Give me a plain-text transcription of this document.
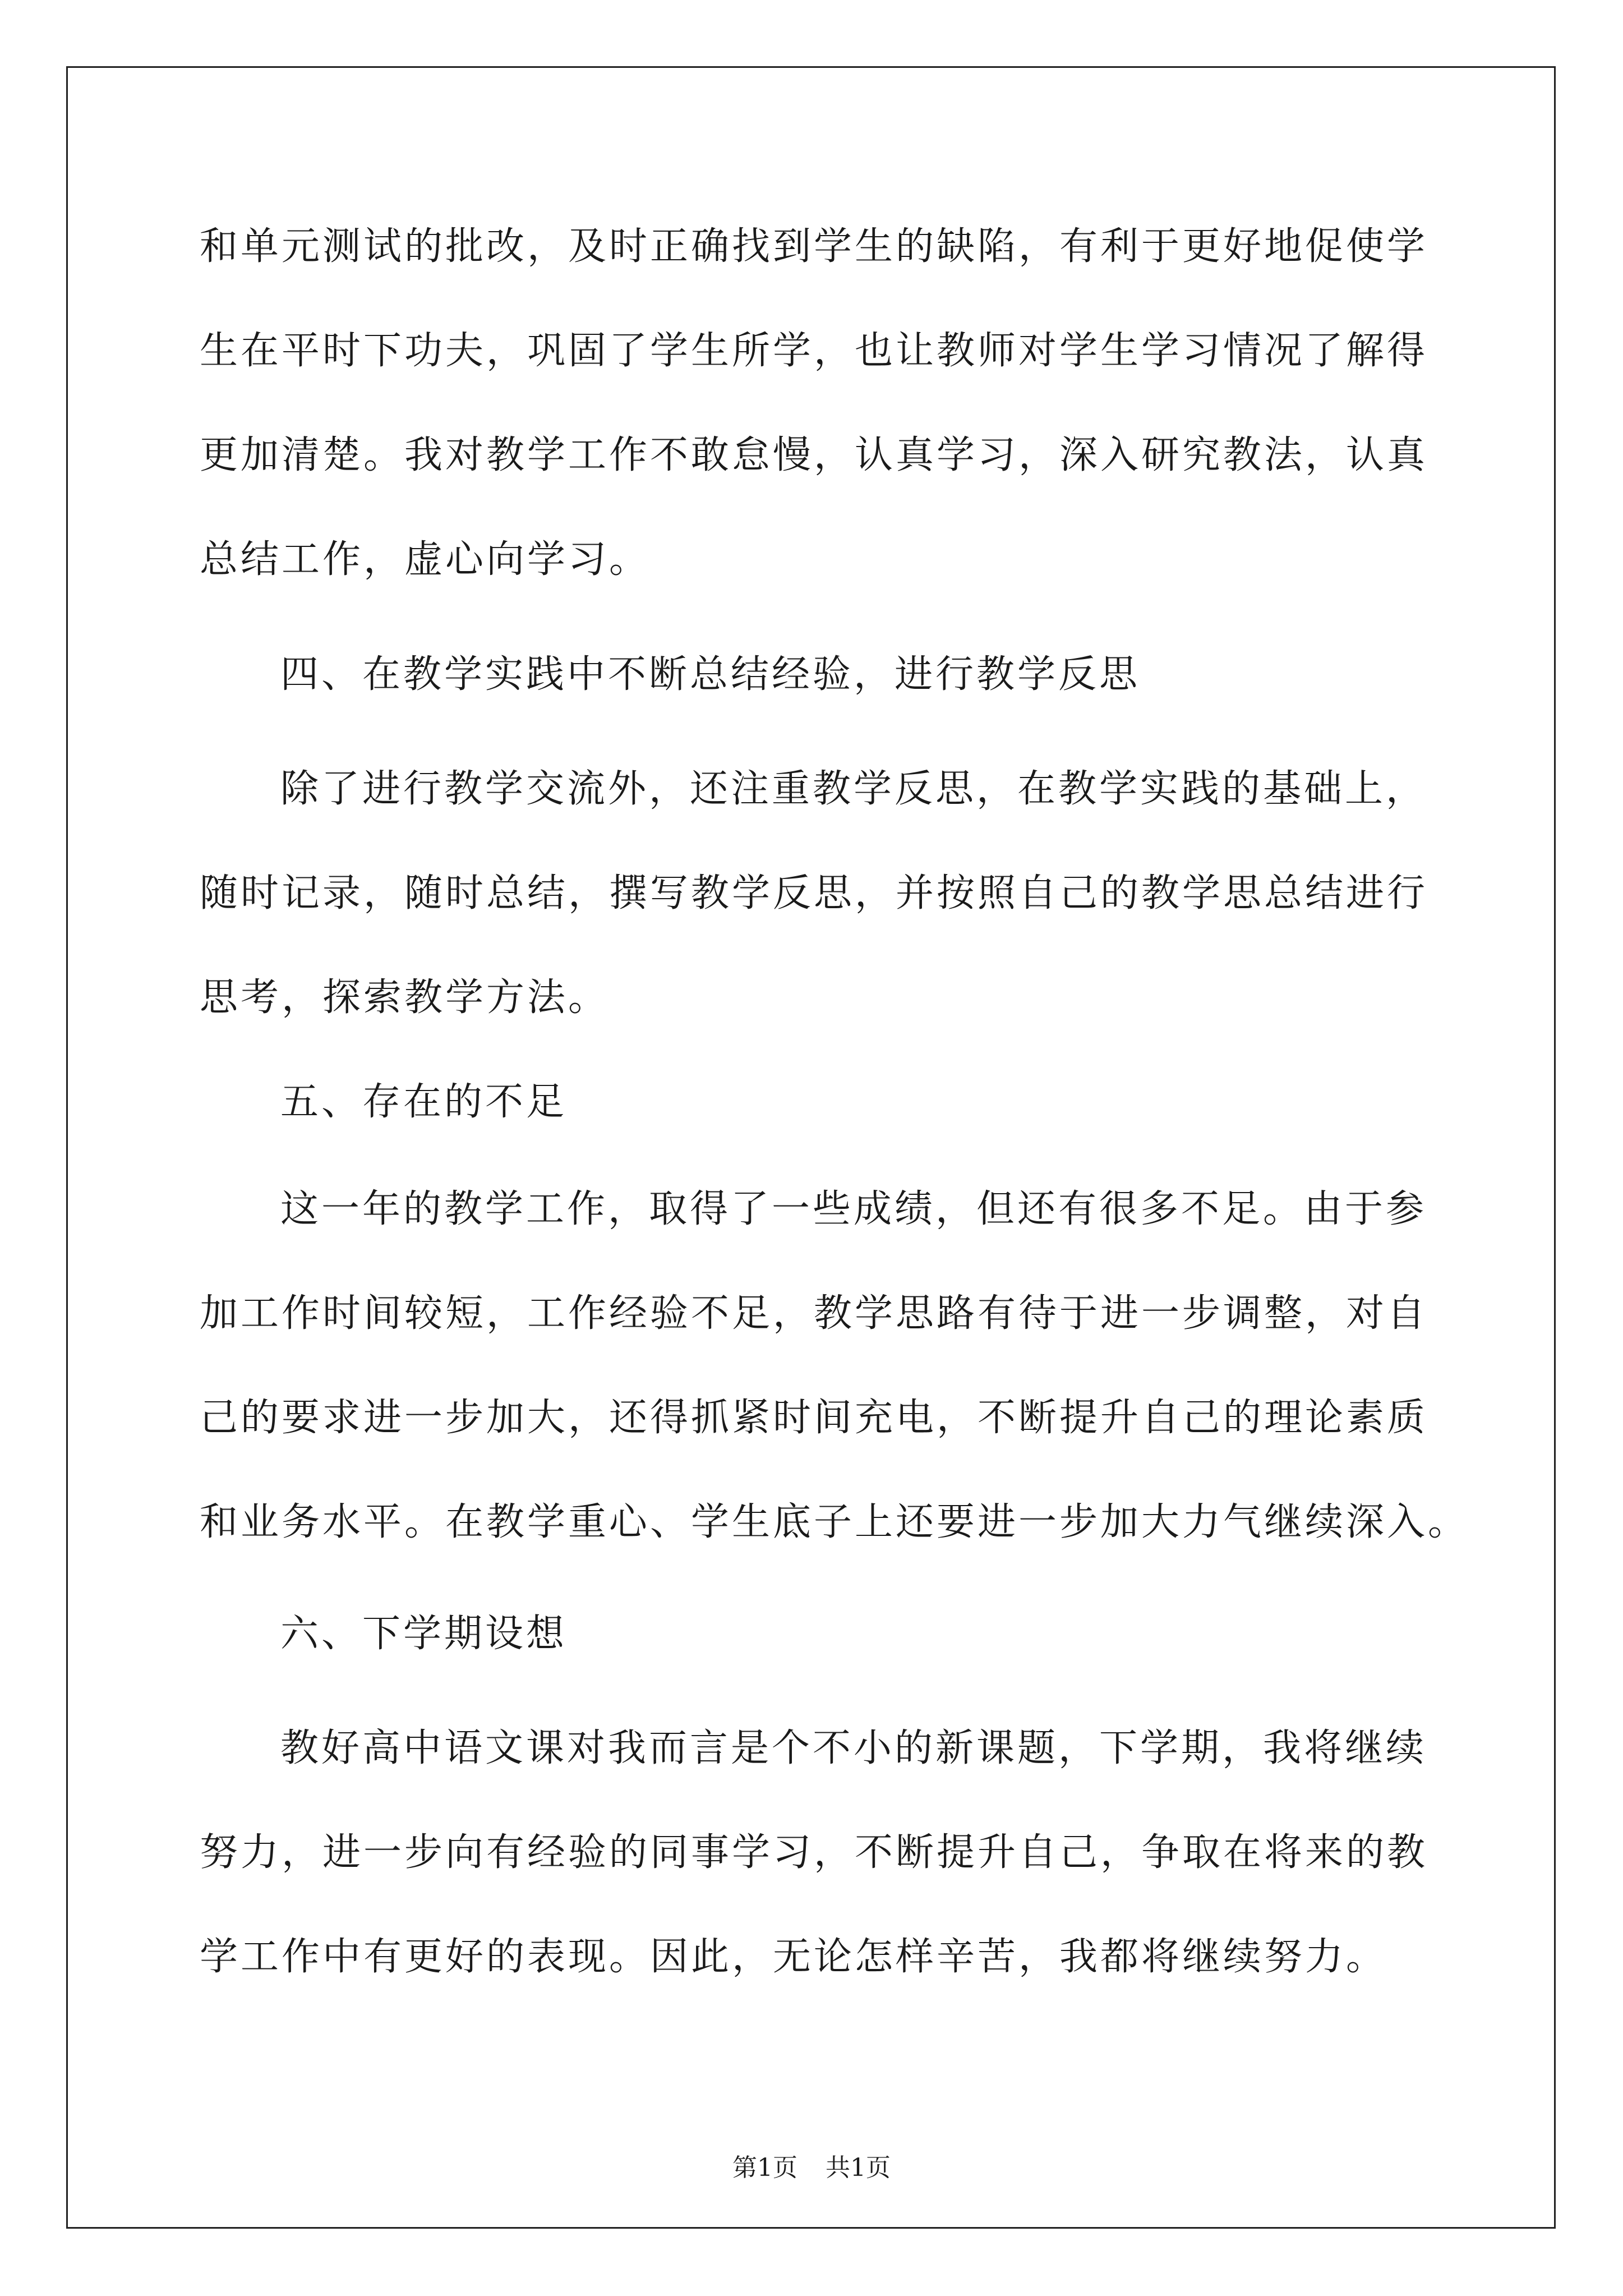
和单元测试的批改，及时正确找到学生的缺陷，有利于更好地促使学
生在平时下功夫，巩固了学生所学，也让教师对学生学习情况了解得
更加清楚。我对教学工作不敢怠慢，认真学习，深入研究教法，认真
总结工作，虚心向学习。
四、在教学实践中不断总结经验，进行教学反思
除了进行教学交流外，还注重教学反思，在教学实践的基础上，
随时记录，随时总结，撰写教学反思，并按照自己的教学思总结进行
思考，探索教学方法。
五、存在的不足
这一年的教学工作，取得了一些成绩，但还有很多不足。由于参
加工作时间较短，工作经验不足，教学思路有待于进一步调整，对自
己的要求进一步加大，还得抓紧时间充电，不断提升自己的理论素质
和业务水平。在教学重心、学生底子上还要进一步加大力气继续深入。
六、下学期设想
教好高中语文课对我而言是个不小的新课题，下学期，我将继续
努力，进一步向有经验的同事学习，不断提升自己，争取在将来的教
学工作中有更好的表现。因此，无论怎样辛苦，我都将继续努力。
第1页 共1页
